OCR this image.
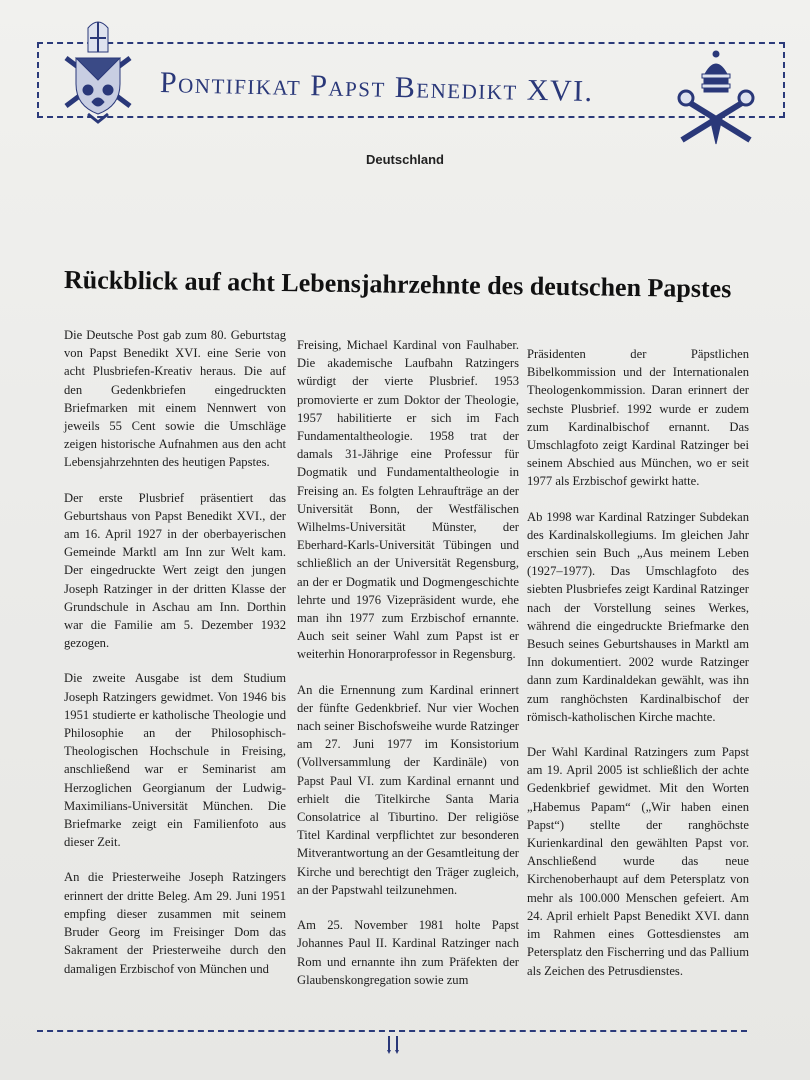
Pontifikat Papst Benedikt XVI.
Deutschland
Rückblick auf acht Lebensjahrzehnte des deutschen Papstes

Die Deutsche Post gab zum 80. Geburtstag von Papst Benedikt XVI. eine Serie von acht Plusbriefen-Kreativ heraus. Die auf den Gedenkbriefen eingedruckten Briefmarken mit einem Nennwert von jeweils 55 Cent sowie die Umschläge zeigen historische Aufnahmen aus den acht Lebensjahrzehnten des heutigen Papstes.

Der erste Plusbrief präsentiert das Geburtshaus von Papst Benedikt XVI., der am 16. April 1927 in der oberbayerischen Gemeinde Marktl am Inn zur Welt kam. Der eingedruckte Wert zeigt den jungen Joseph Ratzinger in der dritten Klasse der Grundschule in Aschau am Inn. Dorthin war die Familie am 5. Dezember 1932 gezogen.

Die zweite Ausgabe ist dem Studium Joseph Ratzingers gewidmet. Von 1946 bis 1951 studierte er katholische Theologie und Philosophie an der Philosophisch-Theologischen Hochschule in Freising, anschließend war er Seminarist am Herzoglichen Georgianum der Ludwig-Maximilians-Universität München. Die Briefmarke zeigt ein Familienfoto aus dieser Zeit.

An die Priesterweihe Joseph Ratzingers erinnert der dritte Beleg. Am 29. Juni 1951 empfing dieser zusammen mit seinem Bruder Georg im Freisinger Dom das Sakrament der Priesterweihe durch den damaligen Erzbischof von München und

Freising, Michael Kardinal von Faulhaber. Die akademische Laufbahn Ratzingers würdigt der vierte Plusbrief. 1953 promovierte er zum Doktor der Theologie, 1957 habilitierte er sich im Fach Fundamentaltheologie. 1958 trat der damals 31-Jährige eine Professur für Dogmatik und Fundamentaltheologie in Freising an. Es folgten Lehraufträge an der Universität Bonn, der Westfälischen Wilhelms-Universität Münster, der Eberhard-Karls-Universität Tübingen und schließlich an der Universität Regensburg, an der er Dogmatik und Dogmengeschichte lehrte und 1976 Vizepräsident wurde, ehe man ihn 1977 zum Erzbischof ernannte. Auch seit seiner Wahl zum Papst ist er weiterhin Honorarprofessor in Regensburg.

An die Ernennung zum Kardinal erinnert der fünfte Gedenkbrief. Nur vier Wochen nach seiner Bischofsweihe wurde Ratzinger am 27. Juni 1977 im Konsistorium (Vollversammlung der Kardinäle) von Papst Paul VI. zum Kardinal ernannt und erhielt die Titelkirche Santa Maria Consolatrice al Tiburtino. Der religiöse Titel Kardinal verpflichtet zur besonderen Mitverantwortung an der Gesamtleitung der Kirche und berechtigt den Träger zugleich, an der Papstwahl teilzunehmen.

Am 25. November 1981 holte Papst Johannes Paul II. Kardinal Ratzinger nach Rom und ernannte ihn zum Präfekten der Glaubenskongregation sowie zum

Präsidenten der Päpstlichen Bibelkommission und der Internationalen Theologenkommission. Daran erinnert der sechste Plusbrief. 1992 wurde er zudem zum Kardinalbischof ernannt. Das Umschlagfoto zeigt Kardinal Ratzinger bei seinem Abschied aus München, wo er seit 1977 als Erzbischof gewirkt hatte.

Ab 1998 war Kardinal Ratzinger Subdekan des Kardinalskollegiums. Im gleichen Jahr erschien sein Buch „Aus meinem Leben (1927–1977). Das Umschlagfoto des siebten Plusbriefes zeigt Kardinal Ratzinger nach der Vorstellung seines Werkes, während die eingedruckte Briefmarke den Besuch seines Geburtshauses in Marktl am Inn dokumentiert. 2002 wurde Ratzinger dann zum Kardinaldekan gewählt, was ihn zum ranghöchsten Kardinalbischof der römisch-katholischen Kirche machte.

Der Wahl Kardinal Ratzingers zum Papst am 19. April 2005 ist schließlich der achte Gedenkbrief gewidmet. Mit den Worten „Habemus Papam“ („Wir haben einen Papst“) stellte der ranghöchste Kurienkardinal den gewählten Papst vor. Anschließend wurde das neue Kirchenoberhaupt auf dem Petersplatz von mehr als 100.000 Menschen gefeiert. Am 24. April erhielt Papst Benedikt XVI. dann im Rahmen eines Gottesdienstes am Petersplatz den Fischerring und das Pallium als Zeichen des Petrusdienstes.
